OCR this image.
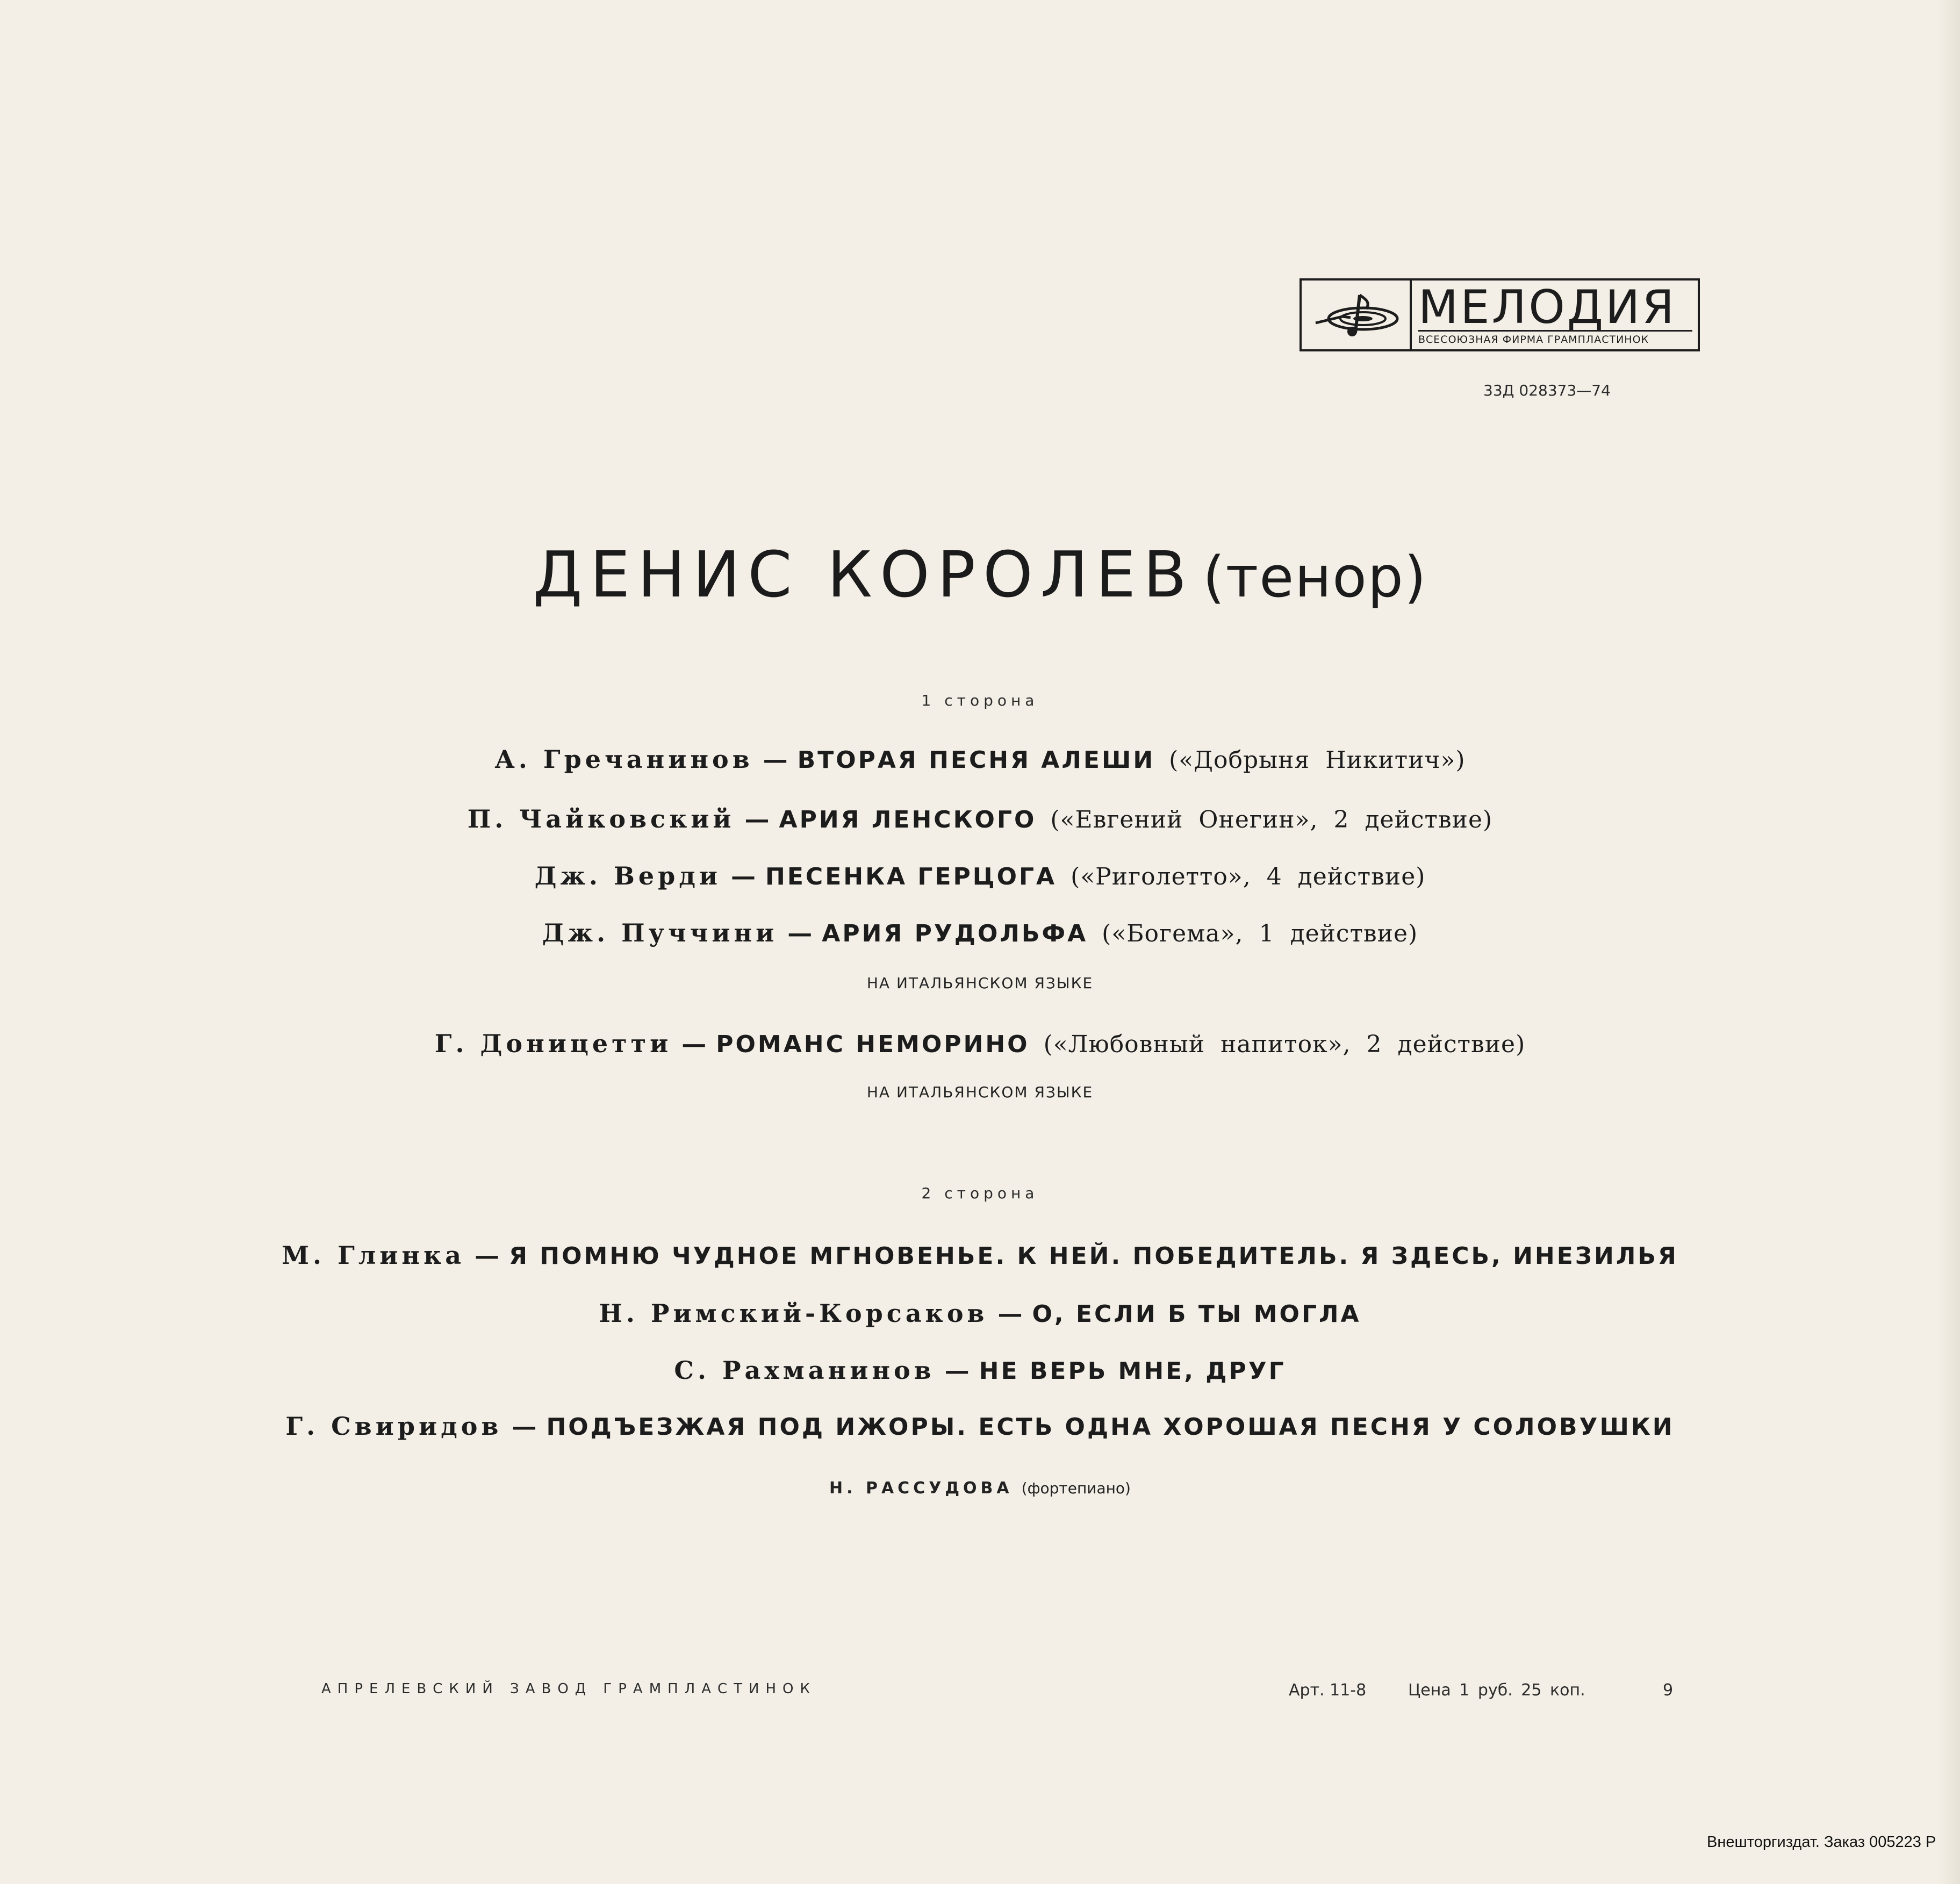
МЕЛОДИЯ
ВСЕСОЮЗНАЯ ФИРМА ГРАМПЛАСТИНОК
33Д 028373—74
ДЕНИС КОРОЛЕВ (тенор)
1 сторона
А. Гречанинов — ВТОРАЯ ПЕСНЯ АЛЕШИ («Добрыня Никитич»)
П. Чайковский — АРИЯ ЛЕНСКОГО («Евгений Онегин», 2 действие)
Дж. Верди — ПЕСЕНКА ГЕРЦОГА («Риголетто», 4 действие)
Дж. Пуччини — АРИЯ РУДОЛЬФА («Богема», 1 действие)
НА ИТАЛЬЯНСКОМ ЯЗЫКЕ
Г. Доницетти — РОМАНС НЕМОРИНО («Любовный напиток», 2 действие)
НА ИТАЛЬЯНСКОМ ЯЗЫКЕ
2 сторона
М. Глинка — Я ПОМНЮ ЧУДНОЕ МГНОВЕНЬЕ. К НЕЙ. ПОБЕДИТЕЛЬ. Я ЗДЕСЬ, ИНЕЗИЛЬЯ
Н. Римский-Корсаков — О, ЕСЛИ Б ТЫ МОГЛА
С. Рахманинов — НЕ ВЕРЬ МНЕ, ДРУГ
Г. Свиридов — ПОДЪЕЗЖАЯ ПОД ИЖОРЫ. ЕСТЬ ОДНА ХОРОШАЯ ПЕСНЯ У СОЛОВУШКИ
Н. РАССУДОВА (фортепиано)
АПРЕЛЕВСКИЙ ЗАВОД ГРАМПЛАСТИНОК	Арт. 11-8	Цена 1 руб. 25 коп.	9
Внешторгиздат. Заказ 005223 Р
